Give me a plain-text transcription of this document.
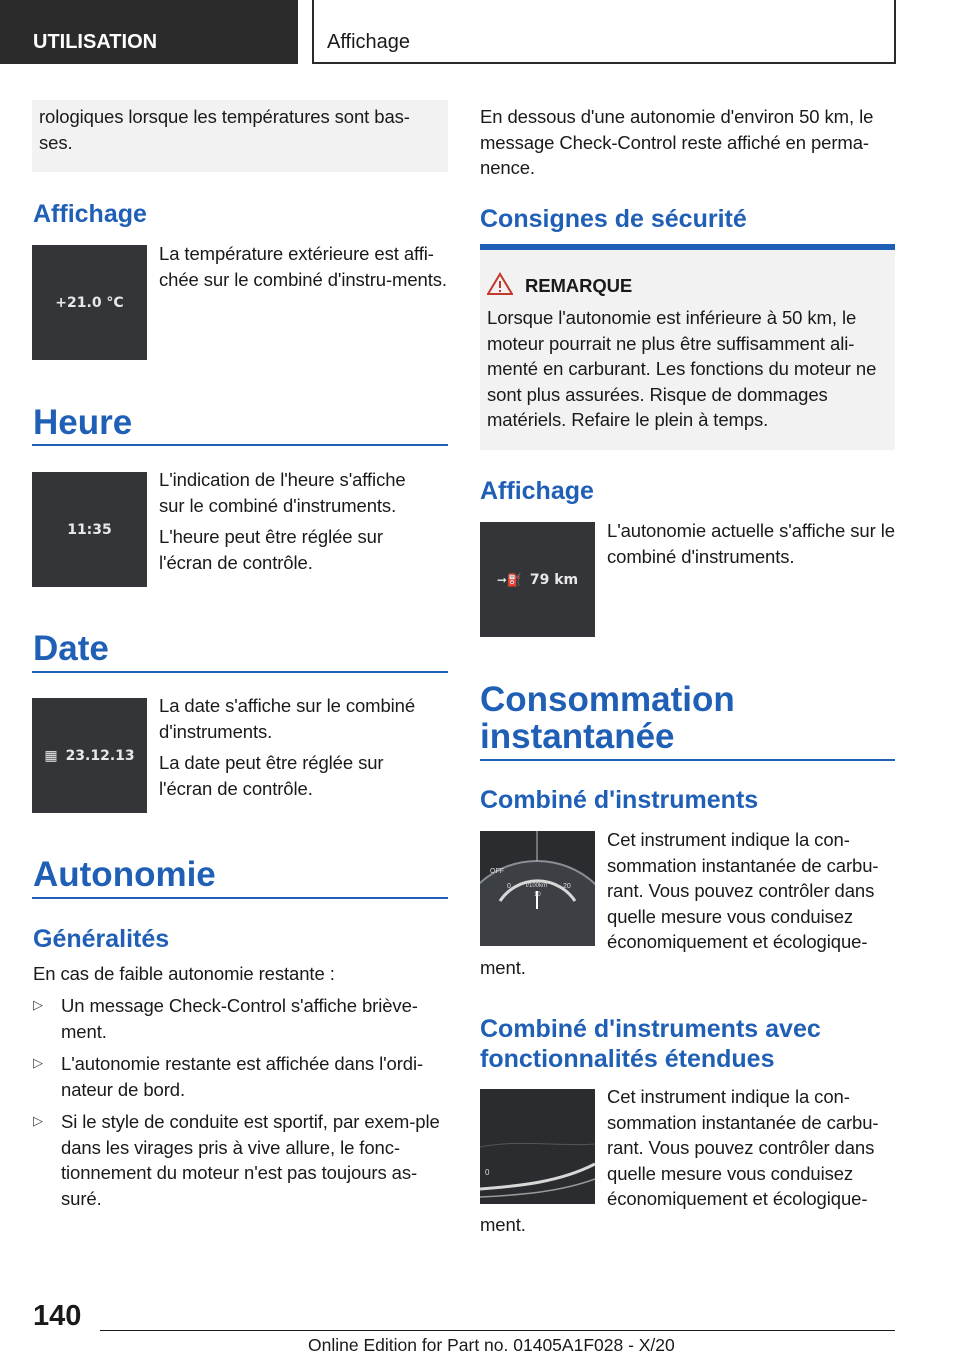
UTILISATION	Affichage
rologiques lorsque les températures sont bas-ses.
Affichage
+21.0 °C
La température extérieure est affi-chée sur le combiné d'instru-ments.
Heure
11:35
L'indication de l'heure s'affiche sur le combiné d'instruments.
L'heure peut être réglée sur l'écran de contrôle.
Date
▦ 23.12.13
La date s'affiche sur le combiné d'instruments.
La date peut être réglée sur l'écran de contrôle.
Autonomie
Généralités
En cas de faible autonomie restante :
▷ Un message Check-Control s'affiche briève-ment.
▷ L'autonomie restante est affichée dans l'ordi-nateur de bord.
▷ Si le style de conduite est sportif, par exem-ple dans les virages pris à vive allure, le fonc-tionnement du moteur n'est pas toujours as-suré.
En dessous d'une autonomie d'environ 50 km, le message Check-Control reste affiché en perma-nence.
Consignes de sécurité
REMARQUE
Lorsque l'autonomie est inférieure à 50 km, le moteur pourrait ne plus être suffisamment ali-menté en carburant. Les fonctions du moteur ne sont plus assurées. Risque de dommages matériels. Refaire le plein à temps.
Affichage
➞⛽ 79 km
L'autonomie actuelle s'affiche sur le combiné d'instruments.
Consommation
instantanée
Combiné d'instruments
OFF
0	l/100km 20
10
Cet instrument indique la con-sommation instantanée de carbu-rant. Vous pouvez contrôler dans quelle mesure vous conduisez économiquement et écologique-ment.
Combiné d'instruments avec
fonctionnalités étendues
0
Cet instrument indique la con-sommation instantanée de carbu-rant. Vous pouvez contrôler dans quelle mesure vous conduisez économiquement et écologique-ment.
140
Online Edition for Part no. 01405A1F028 - X/20
